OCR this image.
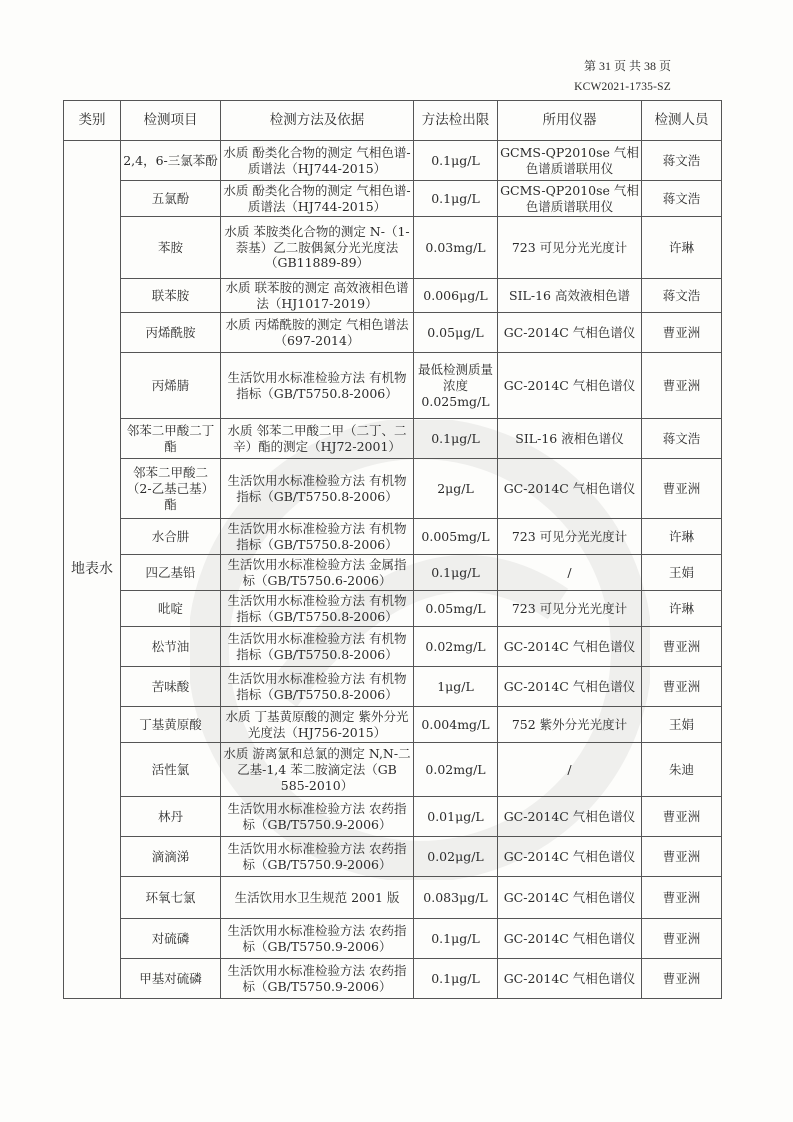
第 31 页 共 38 页
KCW2021-1735-SZ
类别	检测项目	检测方法及依据	方法检出限	所用仪器	检测人员
地表水	2,4，6-三氯苯酚	水质 酚类化合物的测定 气相色谱-质谱法（HJ744-2015）	0.1μg/L	GCMS-QP2010se 气相色谱质谱联用仪	蒋文浩
	五氯酚	水质 酚类化合物的测定 气相色谱-质谱法（HJ744-2015）	0.1μg/L	GCMS-QP2010se 气相色谱质谱联用仪	蒋文浩
	苯胺	水质 苯胺类化合物的测定 N-（1-萘基）乙二胺偶氮分光光度法（GB11889-89）	0.03mg/L	723 可见分光光度计	许琳
	联苯胺	水质 联苯胺的测定 高效液相色谱法（HJ1017-2019）	0.006μg/L	SIL-16 高效液相色谱	蒋文浩
	丙烯酰胺	水质 丙烯酰胺的测定 气相色谱法（697-2014）	0.05μg/L	GC-2014C 气相色谱仪	曹亚洲
	丙烯腈	生活饮用水标准检验方法 有机物指标（GB/T5750.8-2006）	最低检测质量浓度 0.025mg/L	GC-2014C 气相色谱仪	曹亚洲
	邻苯二甲酸二丁酯	水质 邻苯二甲酸二甲（二丁、二辛）酯的测定（HJ72-2001）	0.1μg/L	SIL-16 液相色谱仪	蒋文浩
	邻苯二甲酸二（2-乙基己基）酯	生活饮用水标准检验方法 有机物指标（GB/T5750.8-2006）	2μg/L	GC-2014C 气相色谱仪	曹亚洲
	水合肼	生活饮用水标准检验方法 有机物指标（GB/T5750.8-2006）	0.005mg/L	723 可见分光光度计	许琳
	四乙基铅	生活饮用水标准检验方法 金属指标（GB/T5750.6-2006）	0.1μg/L	/	王娟
	吡啶	生活饮用水标准检验方法 有机物指标（GB/T5750.8-2006）	0.05mg/L	723 可见分光光度计	许琳
	松节油	生活饮用水标准检验方法 有机物指标（GB/T5750.8-2006）	0.02mg/L	GC-2014C 气相色谱仪	曹亚洲
	苦味酸	生活饮用水标准检验方法 有机物指标（GB/T5750.8-2006）	1μg/L	GC-2014C 气相色谱仪	曹亚洲
	丁基黄原酸	水质 丁基黄原酸的测定 紫外分光光度法（HJ756-2015）	0.004mg/L	752 紫外分光光度计	王娟
	活性氯	水质 游离氯和总氯的测定 N,N-二乙基-1,4 苯二胺滴定法（GB 585-2010）	0.02mg/L	/	朱迪
	林丹	生活饮用水标准检验方法 农药指标（GB/T5750.9-2006）	0.01μg/L	GC-2014C 气相色谱仪	曹亚洲
	滴滴涕	生活饮用水标准检验方法 农药指标（GB/T5750.9-2006）	0.02μg/L	GC-2014C 气相色谱仪	曹亚洲
	环氧七氯	生活饮用水卫生规范 2001 版	0.083μg/L	GC-2014C 气相色谱仪	曹亚洲
	对硫磷	生活饮用水标准检验方法 农药指标（GB/T5750.9-2006）	0.1μg/L	GC-2014C 气相色谱仪	曹亚洲
	甲基对硫磷	生活饮用水标准检验方法 农药指标（GB/T5750.9-2006）	0.1μg/L	GC-2014C 气相色谱仪	曹亚洲
